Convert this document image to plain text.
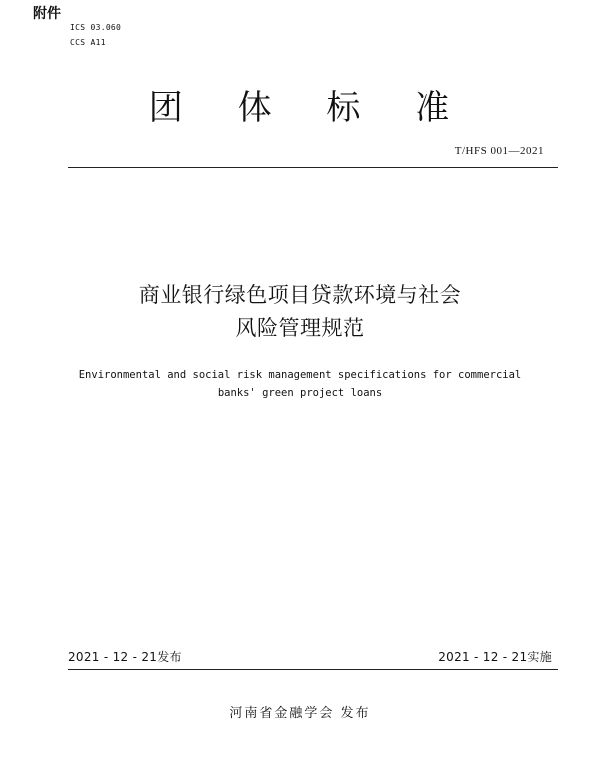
附件
ICS 03.060
CCS A11
团 体 标 准
T/HFS 001—2021
商业银行绿色项目贷款环境与社会
风险管理规范
Environmental and social risk management specifications for commercial
banks' green project loans
2021 - 12 - 21发布	2021 - 12 - 21实施
河南省金融学会 发布
